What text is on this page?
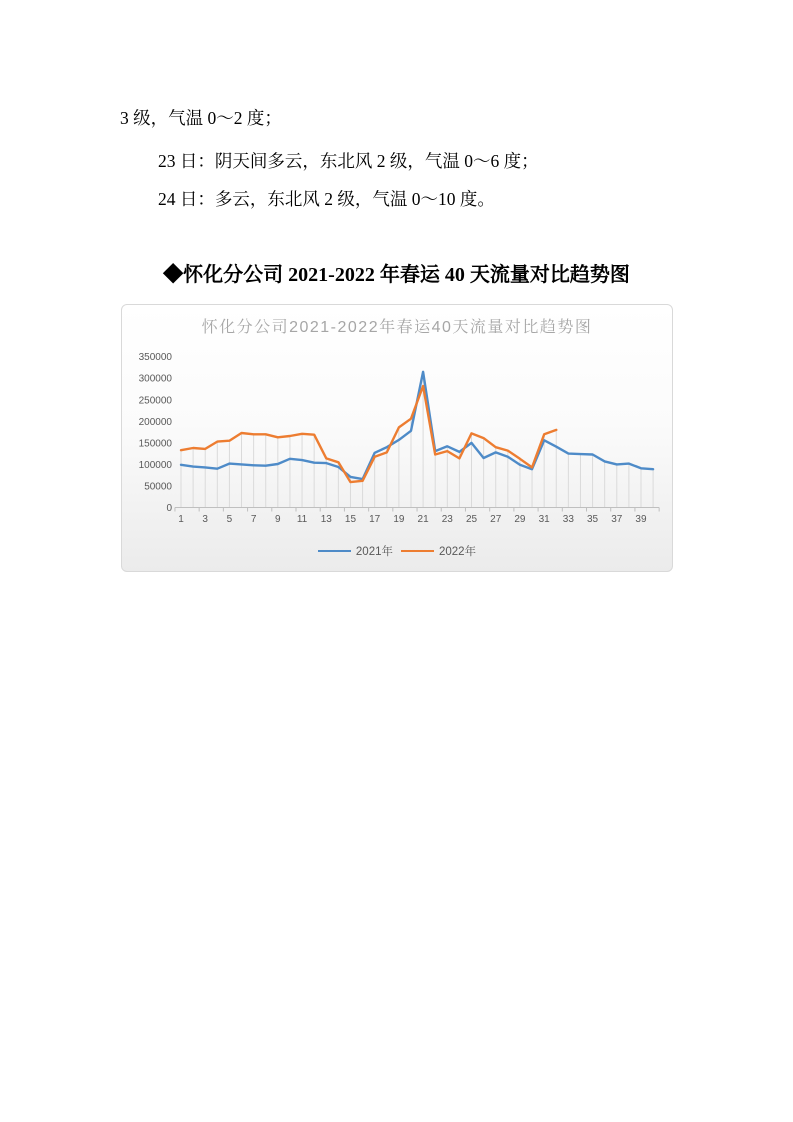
3 级，气温 0～2 度；
23 日：阴天间多云，东北风 2 级，气温 0～6 度；
24 日：多云，东北风 2 级，气温 0～10 度。
◆怀化分公司 2021-2022 年春运 40 天流量对比趋势图
怀化分公司2021-2022年春运40天流量对比趋势图
0
50000
100000
150000
200000
250000
300000
350000
1 3 5 7 9 11 13 15 17 19 21 23 25 27 29 31 33 35 37 39
2021年	2022年
